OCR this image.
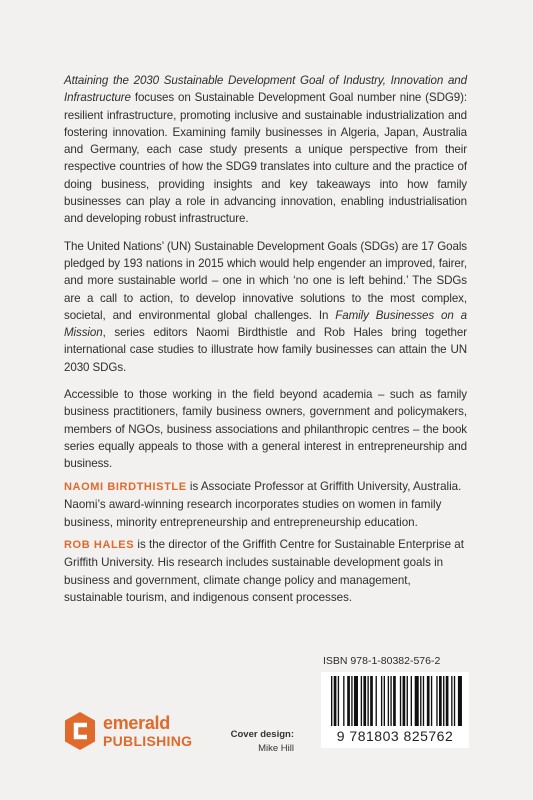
Attaining the 2030 Sustainable Development Goal of Industry, Innovation and Infrastructure focuses on Sustainable Development Goal number nine (SDG9): resilient infrastructure, promoting inclusive and sustainable industrialization and fostering innovation. Examining family businesses in Algeria, Japan, Australia and Germany, each case study presents a unique perspective from their respective countries of how the SDG9 translates into culture and the practice of doing business, providing insights and key takeaways into how family businesses can play a role in advancing innovation, enabling industrialisation and developing robust infrastructure.

The United Nations’ (UN) Sustainable Development Goals (SDGs) are 17 Goals pledged by 193 nations in 2015 which would help engender an improved, fairer, and more sustainable world – one in which ‘no one is left behind.’ The SDGs are a call to action, to develop innovative solutions to the most complex, societal, and environmental global challenges. In Family Businesses on a Mission, series editors Naomi Birdthistle and Rob Hales bring together international case studies to illustrate how family businesses can attain the UN 2030 SDGs.

Accessible to those working in the field beyond academia – such as family business practitioners, family business owners, government and policymakers, members of NGOs, business associations and philanthropic centres – the book series equally appeals to those with a general interest in entrepreneurship and business.

NAOMI BIRDTHISTLE is Associate Professor at Griffith University, Australia. Naomi’s award-winning research incorporates studies on women in family business, minority entrepreneurship and entrepreneurship education.
ROB HALES is the director of the Griffith Centre for Sustainable Enterprise at Griffith University. His research includes sustainable development goals in business and government, climate change policy and management, sustainable tourism, and indigenous consent processes.
emerald
PUBLISHING	Cover design:
Mike Hill
ISBN 978-1-80382-576-2
9 781803 825762
